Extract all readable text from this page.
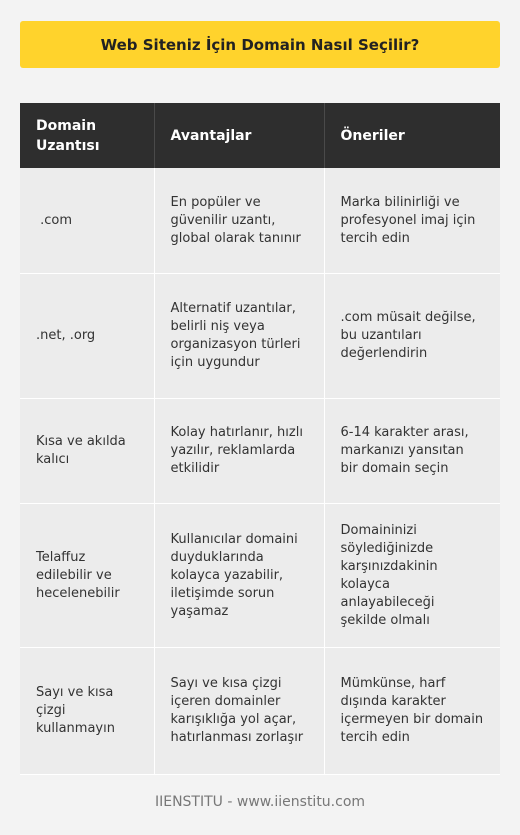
Web Siteniz İçin Domain Nasıl Seçilir?
Domain Uzantısı	Avantajlar	Öneriler
.com	En popüler ve güvenilir uzantı, global olarak tanınır	Marka bilinirliği ve profesyonel imaj için tercih edin
.net, .org	Alternatif uzantılar, belirli niş veya organizasyon türleri için uygundur	.com müsait değilse, bu uzantıları değerlendirin
Kısa ve akılda kalıcı	Kolay hatırlanır, hızlı yazılır, reklamlarda etkilidir	6-14 karakter arası, markanızı yansıtan bir domain seçin
Telaffuz edilebilir ve hecelenebilir	Kullanıcılar domaini duyduklarında kolayca yazabilir, iletişimde sorun yaşamaz	Domaininizi söylediğinizde karşınızdakinin kolayca anlayabileceği şekilde olmalı
Sayı ve kısa çizgi kullanmayın	Sayı ve kısa çizgi içeren domainler karışıklığa yol açar, hatırlanması zorlaşır	Mümkünse, harf dışında karakter içermeyen bir domain tercih edin
IIENSTITU - www.iienstitu.com
